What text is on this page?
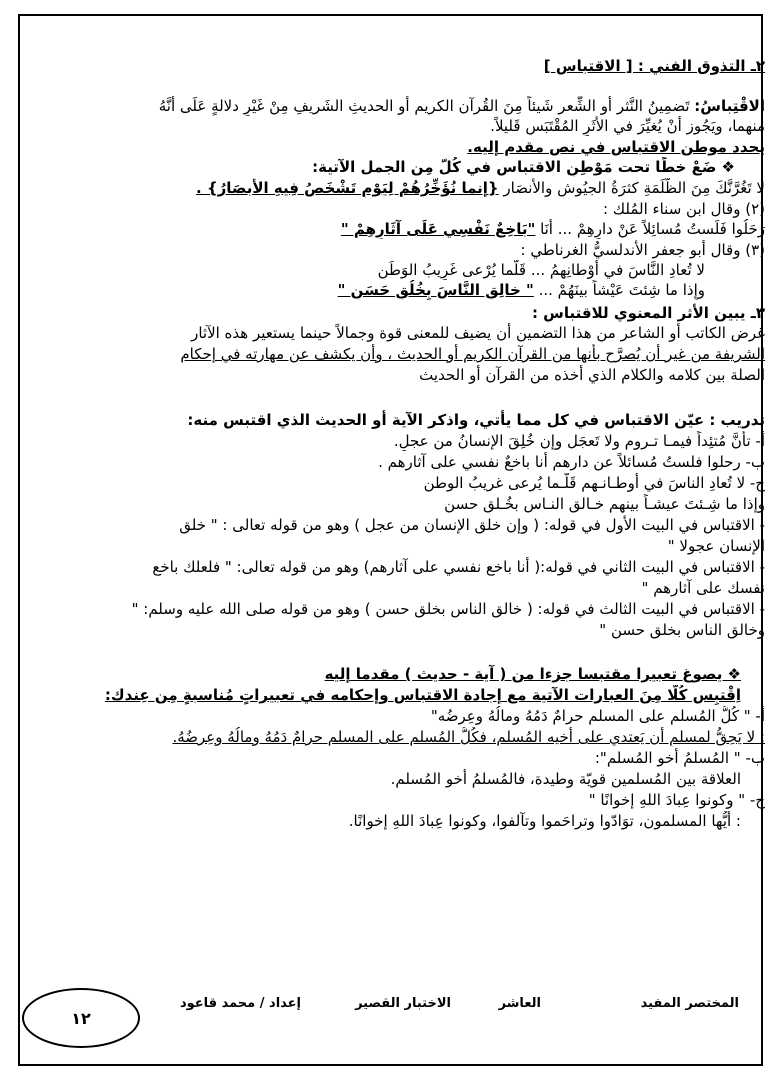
٢ـ التذوق الفني : [ الاقتباس ]
الاقْتِباسُ: تَضمِينُ النَّثر أو الشِّعر شَيئاً مِنَ القُرآن الكريم أو الحديثِ الشَريفِ مِنْ غَيْرِ دلالةٍ عَلَى أنَّهُ
منهما، ويَجُوز أنْ يُغيِّرَ في الأَثَرِ المُقْتَبَسِ قَليلاً.
يحدد موطن الاقتباس في نص مقدم إليه.
❖ ضَعْ خطًا تحت مَوْطِنِ الاقتباس في كُلّ مِن الجمل الآتية:
لا تَغُرَّنَّكَ مِنَ الظَّلَمَةِ كثرَةُ الجيُوشِ والأَنصَار {إنما نُؤَخِّرُهُمْ لِيَوْمٍ تَشْخَصُ فِيهِ الأَبصَارُ} .
(٢) وقال ابن سناء المُلك :
رَحَلُوا فَلَستُ مُسائِلاً عَنْ دارِهِمْ ... أَنَا "بَاخِعٌ نَفْسِي عَلَى آثَارِهِمْ "
(٣) وقال أبو جعفر الأندلسيُّ الغرناطي :
لا تُعادِ النَّاسَ في أَوْطانِهِمُ ... قَلَّما يُرْعى غَرِيبُ الوَطَنِ
وإِذا ما شِئتَ عَيْشاً بينَهُمْ ... " خالِقِ النَّاسَ بِخُلُقٍ حَسَنٍ "
٣ـ يبين الأثر المعنوي للاقتباس :
غرض الكاتب أو الشاعر من هذا التضمين أن يضيف للمعنى قوة وجمالاً حينما يستعير هذه الآثار
الشريفة من غير أن يُصرَّح بأنها من القرآن الكريم أو الحديث ، وأن يكشف عن مهارته في إحكام
الصلة بين كلامه والكلام الذي أخذه من القرآن أو الحديث
تدريب : عيّن الاقتباس في كل مما يأتي، واذكر الآية أو الحديث الذي اقتبس منه:
أ- تأنَّ مُتئِداً فيمـا تـروم ولا تَعجَل وإن خُلِقَ الإنسانُ من عجلِ.
ب- رحلوا فلستُ مُسائلاً عن دارهم أنا باخعٌ نفسي على آثارهم .
ج- لا تُعادِ الناسَ في أوطـانـهم قَلَّـما يُرعى غريبُ الوطن
وإذا ما شِـئتَ عيشـاً بينهم خـالق النـاس بخُـلقٍ حسن
- الاقتباس في البيت الأول في قوله: ( وإن خلق الإنسان من عجل ) وهو من قوله تعالى : " خلق
الإنسان عجولا "
- الاقتباس في البيت الثاني في قوله:( أنا باخع نفسي على آثارهم) وهو من قوله تعالى: " فلعلك باخع
نفسك على آثارهم "
- الاقتباس في البيت الثالث في قوله: ( خالق الناس بخلق حسن ) وهو من قوله صلى الله عليه وسلم: "
وخالق الناس بخلق حسن "
❖ يصوغ تعبيرا مقتبسا جزءا من ( آية - حديث ) مقدما إليه
اِقْتبِس كُلًّا مِنَ العبارات الآتية مع إجادة الاقتباس وإحكامه في تعبيراتٍ مُناسبةٍ مِن عِندك:
أ- " كُلُّ المُسلم على المسلمِ حرامٌ دَمُهُ ومالُهُ وعِرضُه"
: لا يَحِقُّ لمسلمٍ أن يَعتدي على أخيه المُسلم، فكُلُّ المُسلم على المسلم حرامٌ دَمُهُ ومالُهُ وعِرضُهُ.
ب- " المُسلمُ أخو المُسلم":
العلاقة بين المُسلمين قويّة وطيدة، فالمُسلمُ أخو المُسلم.
ج- " وكونوا عِبادَ اللهِ إخوانًا "
: أيُّها المسلمون، توَادّوا وتراحَموا وتآلفوا، وكونوا عِبادَ اللهِ إخوانًا.
المختصر المفيد
العاشر
الاختبار القصير
إعداد / محمد قاعود
١٢
